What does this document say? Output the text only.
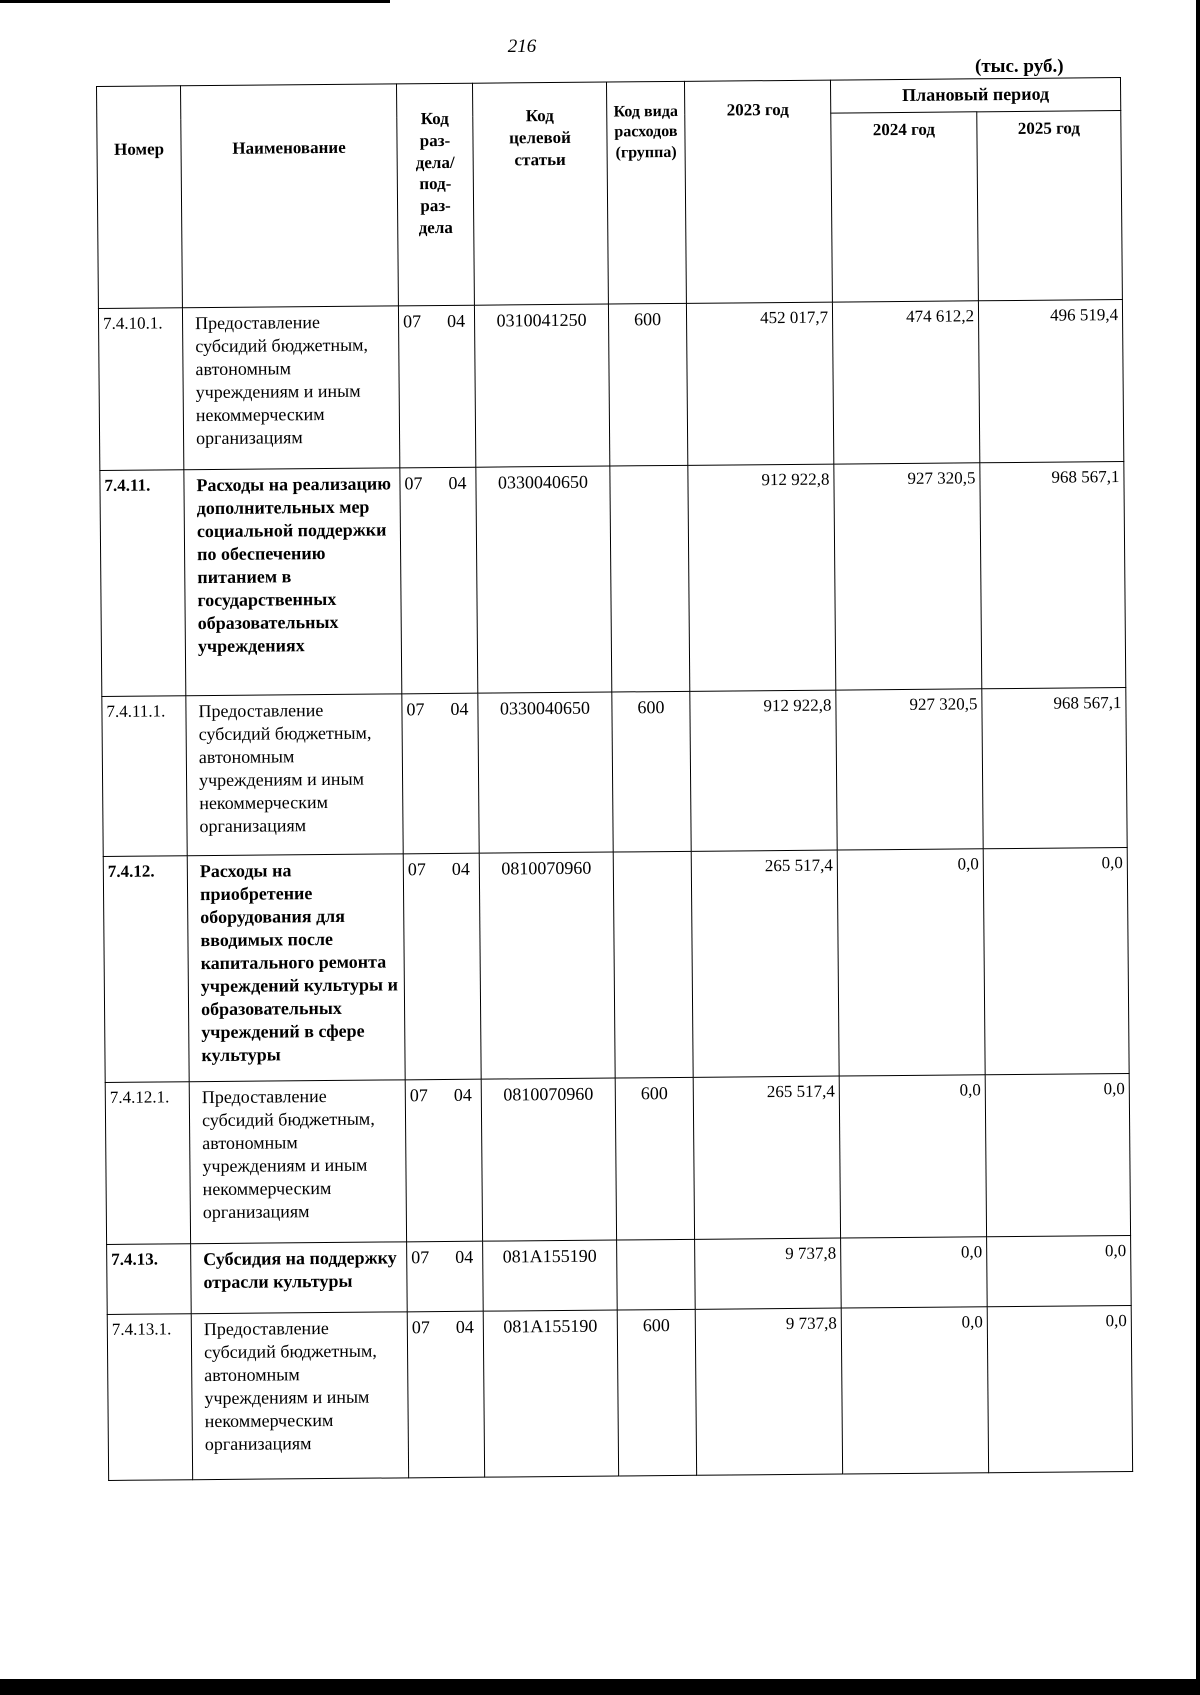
216
(тыс. руб.)
Номер	Наименование	Код раз-дела/ под-раз-дела	Код целевой статьи	Код вида расходов (группа)	2023 год	Плановый период	
						2024 год	2025 год
7.4.10.1.	Предоставление субсидий бюджетным, автономным учреждениям и иным некоммерческим организациям	07 04	0310041250	600	452 017,7	474 612,2	496 519,4
7.4.11.	Расходы на реализацию дополнительных мер социальной поддержки по обеспечению питанием в государственных образовательных учреждениях	07 04	0330040650		912 922,8	927 320,5	968 567,1
7.4.11.1.	Предоставление субсидий бюджетным, автономным учреждениям и иным некоммерческим организациям	07 04	0330040650	600	912 922,8	927 320,5	968 567,1
7.4.12.	Расходы на приобретение оборудования для вводимых после капитального ремонта учреждений культуры и образовательных учреждений в сфере культуры	07 04	0810070960		265 517,4	0,0	0,0
7.4.12.1.	Предоставление субсидий бюджетным, автономным учреждениям и иным некоммерческим организациям	07 04	0810070960	600	265 517,4	0,0	0,0
7.4.13.	Субсидия на поддержку отрасли культуры	07 04	081А155190		9 737,8	0,0	0,0
7.4.13.1.	Предоставление субсидий бюджетным, автономным учреждениям и иным некоммерческим организациям	07 04	081А155190	600	9 737,8	0,0	0,0
